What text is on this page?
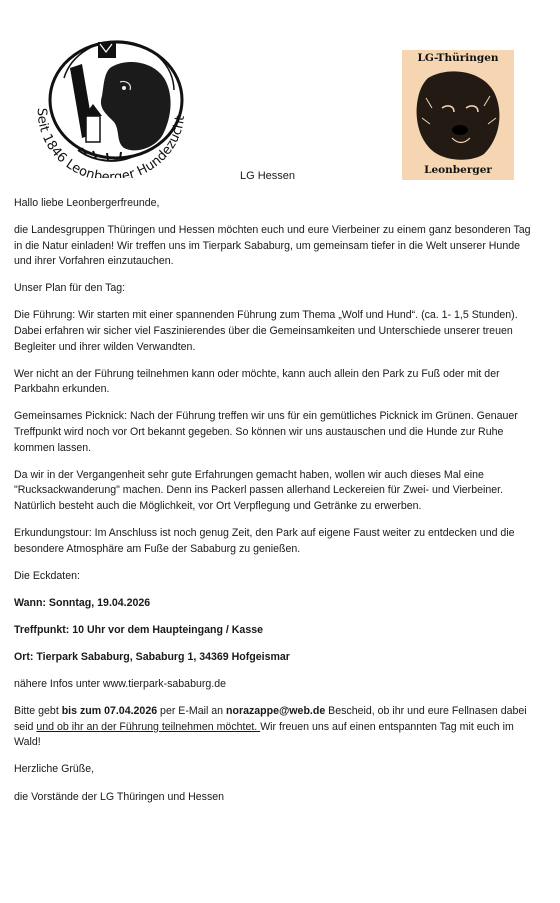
Seit 1846 Leonberger Hundezucht
LG-Thüringen
Leonberger
LG Hessen

Hallo liebe Leonbergerfreunde,

die Landesgruppen Thüringen und Hessen möchten euch und eure Vierbeiner zu einem ganz besonderen Tag in die Natur einladen! Wir treffen uns im Tierpark Sababurg, um gemeinsam tiefer in die Welt unserer Hunde und ihrer Vorfahren einzutauchen.

Unser Plan für den Tag:

Die Führung: Wir starten mit einer spannenden Führung zum Thema „Wolf und Hund“. (ca. 1- 1,5 Stunden). Dabei erfahren wir sicher viel Faszinierendes über die Gemeinsamkeiten und Unterschiede unserer treuen Begleiter und ihrer wilden Verwandten.

Wer nicht an der Führung teilnehmen kann oder möchte, kann auch allein den Park zu Fuß oder mit der Parkbahn erkunden.

Gemeinsames Picknick: Nach der Führung treffen wir uns für ein gemütliches Picknick im Grünen. Genauer Treffpunkt wird noch vor Ort bekannt gegeben. So können wir uns austauschen und die Hunde zur Ruhe kommen lassen.

Da wir in der Vergangenheit sehr gute Erfahrungen gemacht haben, wollen wir auch dieses Mal eine "Rucksackwanderung" machen. Denn ins Packerl passen allerhand Leckereien für Zwei- und Vierbeiner. Natürlich besteht auch die Möglichkeit, vor Ort Verpflegung und Getränke zu erwerben.

Erkundungstour: Im Anschluss ist noch genug Zeit, den Park auf eigene Faust weiter zu entdecken und die besondere Atmosphäre am Fuße der Sababurg zu genießen.

Die Eckdaten:

Wann: Sonntag, 19.04.2026

Treffpunkt: 10 Uhr vor dem Haupteingang / Kasse

Ort: Tierpark Sababurg, Sababurg 1, 34369 Hofgeismar

nähere Infos unter www.tierpark-sababurg.de

Bitte gebt bis zum 07.04.2026 per E-Mail an norazappe@web.de Bescheid, ob ihr und eure Fellnasen dabei seid und ob ihr an der Führung teilnehmen möchtet. Wir freuen uns auf einen entspannten Tag mit euch im Wald!

Herzliche Grüße,

die Vorstände der LG Thüringen und Hessen
